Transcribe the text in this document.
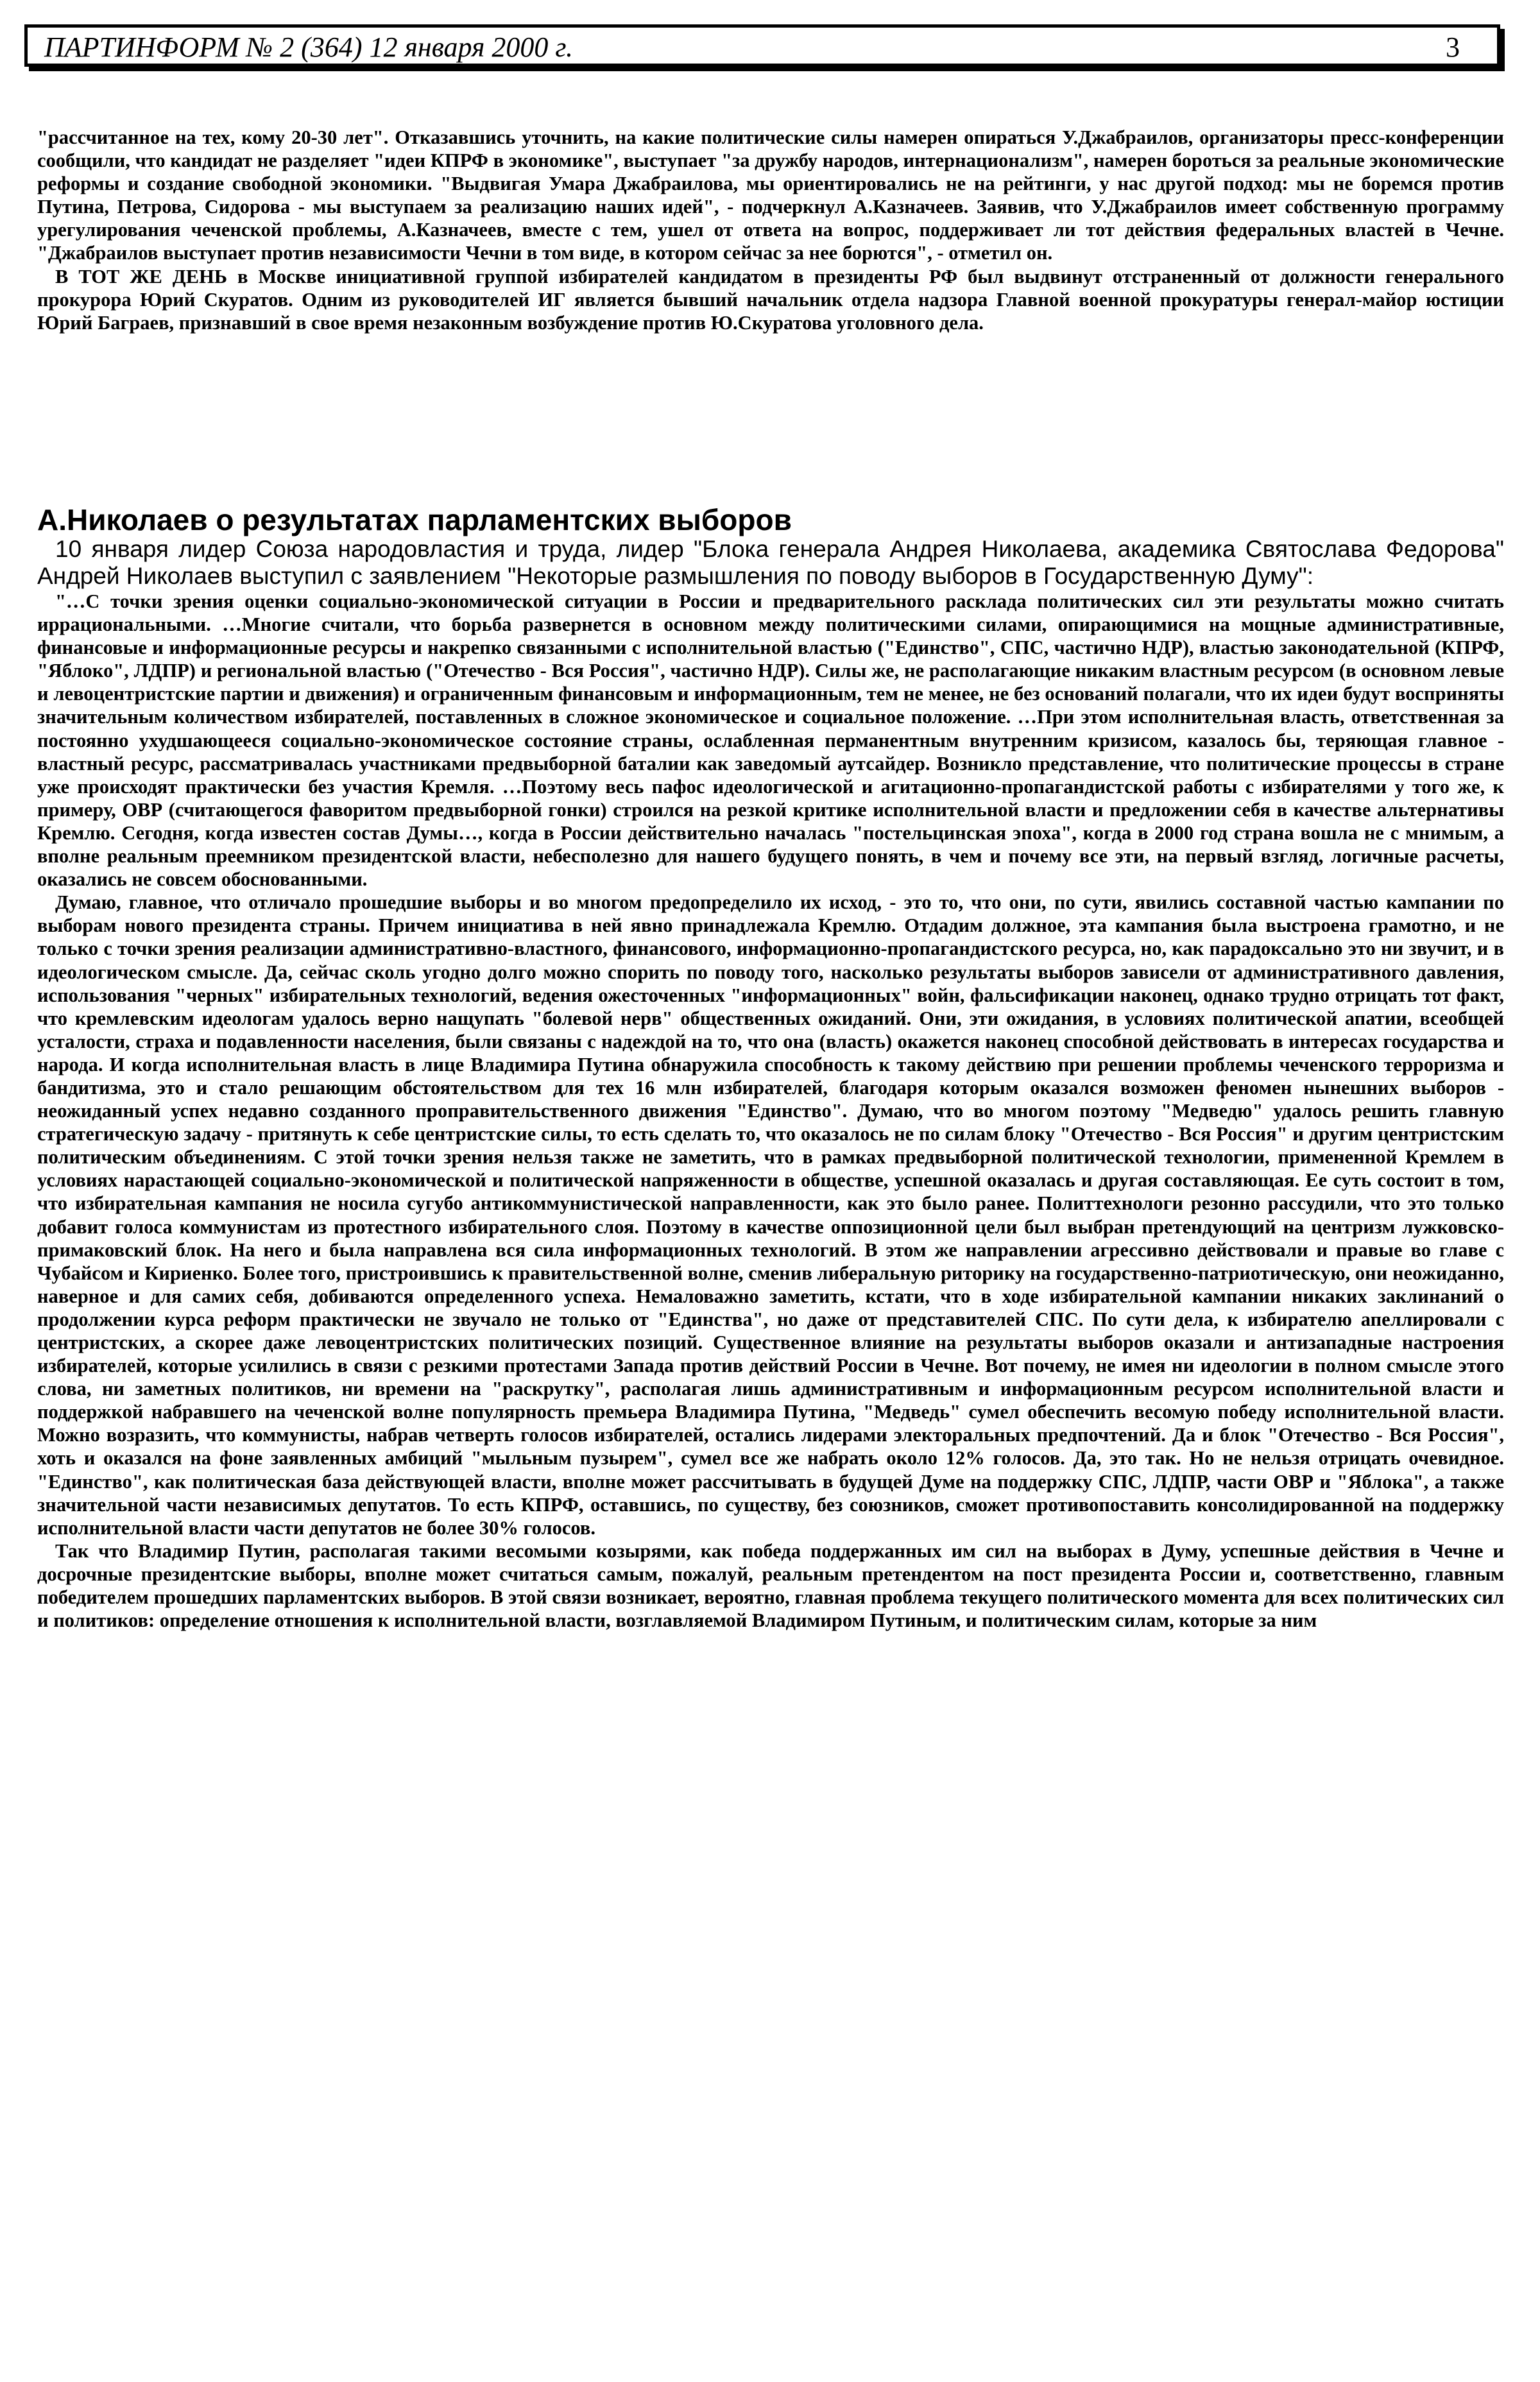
ПАРТИНФОРМ № 2 (364) 12 января 2000 г.	3

"рассчитанное на тех, кому 20-30 лет". Отказавшись уточнить, на какие политические силы намерен опираться У.Джабраилов, организаторы пресс-конференции сообщили, что кандидат не разделяет "идеи КПРФ в экономике", выступает "за дружбу народов, интернационализм", намерен бороться за реальные экономические реформы и создание свободной экономики. "Выдвигая Умара Джабраилова, мы ориентировались не на рейтинги, у нас другой подход: мы не боремся против Путина, Петрова, Сидорова - мы выступаем за реализацию наших идей", - подчеркнул А.Казначеев. Заявив, что У.Джабраилов имеет собственную программу урегулирования чеченской проблемы, А.Казначеев, вместе с тем, ушел от ответа на вопрос, поддерживает ли тот действия федеральных властей в Чечне. "Джабраилов выступает против независимости Чечни в том виде, в котором сейчас за нее борются", - отметил он.

В ТОТ ЖЕ ДЕНЬ в Москве инициативной группой избирателей кандидатом в президенты РФ был выдвинут отстраненный от должности генерального прокурора Юрий Скуратов. Одним из руководителей ИГ является бывший начальник отдела надзора Главной военной прокуратуры генерал-майор юстиции Юрий Баграев, признавший в свое время незаконным возбуждение против Ю.Скуратова уголовного дела.

А.Николаев о результатах парламентских выборов

10 января лидер Союза народовластия и труда, лидер "Блока генерала Андрея Николаева, академика Святослава Федорова" Андрей Николаев выступил с заявлением "Некоторые размышления по поводу выборов в Государственную Думу":

"…С точки зрения оценки социально-экономической ситуации в России и предварительного расклада политических сил эти результаты можно считать иррациональными. …Многие считали, что борьба развернется в основном между политическими силами, опирающимися на мощные административные, финансовые и информационные ресурсы и накрепко связанными с исполнительной властью ("Единство", СПС, частично НДР), властью законодательной (КПРФ, "Яблоко", ЛДПР) и региональной властью ("Отечество - Вся Россия", частично НДР). Силы же, не располагающие никаким властным ресурсом (в основном левые и левоцентристские партии и движения) и ограниченным финансовым и информационным, тем не менее, не без оснований полагали, что их идеи будут восприняты значительным количеством избирателей, поставленных в сложное экономическое и социальное положение. …При этом исполнительная власть, ответственная за постоянно ухудшающееся социально-экономическое состояние страны, ослабленная перманентным внутренним кризисом, казалось бы, теряющая главное - властный ресурс, рассматривалась участниками предвыборной баталии как заведомый аутсайдер. Возникло представление, что политические процессы в стране уже происходят практически без участия Кремля. …Поэтому весь пафос идеологической и агитационно-пропагандистской работы с избирателями у того же, к примеру, ОВР (считающегося фаворитом предвыборной гонки) строился на резкой критике исполнительной власти и предложении себя в качестве альтернативы Кремлю. Сегодня, когда известен состав Думы…, когда в России действительно началась "постельцинская эпоха", когда в 2000 год страна вошла не с мнимым, а вполне реальным преемником президентской власти, небесполезно для нашего будущего понять, в чем и почему все эти, на первый взгляд, логичные расчеты, оказались не совсем обоснованными.

Думаю, главное, что отличало прошедшие выборы и во многом предопределило их исход, - это то, что они, по сути, явились составной частью кампании по выборам нового президента страны. Причем инициатива в ней явно принадлежала Кремлю. Отдадим должное, эта кампания была выстроена грамотно, и не только с точки зрения реализации административно-властного, финансового, информационно-пропагандистского ресурса, но, как парадоксально это ни звучит, и в идеологическом смысле. Да, сейчас сколь угодно долго можно спорить по поводу того, насколько результаты выборов зависели от административного давления, использования "черных" избирательных технологий, ведения ожесточенных "информационных" войн, фальсификации наконец, однако трудно отрицать тот факт, что кремлевским идеологам удалось верно нащупать "болевой нерв" общественных ожиданий. Они, эти ожидания, в условиях политической апатии, всеобщей усталости, страха и подавленности населения, были связаны с надеждой на то, что она (власть) окажется наконец способной действовать в интересах государства и народа. И когда исполнительная власть в лице Владимира Путина обнаружила способность к такому действию при решении проблемы чеченского терроризма и бандитизма, это и стало решающим обстоятельством для тех 16 млн избирателей, благодаря которым оказался возможен феномен нынешних выборов - неожиданный успех недавно созданного проправительственного движения "Единство". Думаю, что во многом поэтому "Медведю" удалось решить главную стратегическую задачу - притянуть к себе центристские силы, то есть сделать то, что оказалось не по силам блоку "Отечество - Вся Россия" и другим центристским политическим объединениям. С этой точки зрения нельзя также не заметить, что в рамках предвыборной политической технологии, примененной Кремлем в условиях нарастающей социально-экономической и политической напряженности в обществе, успешной оказалась и другая составляющая. Ее суть состоит в том, что избирательная кампания не носила сугубо антикоммунистической направленности, как это было ранее. Политтехнологи резонно рассудили, что это только добавит голоса коммунистам из протестного избирательного слоя. Поэтому в качестве оппозиционной цели был выбран претендующий на центризм лужковско-примаковский блок. На него и была направлена вся сила информационных технологий. В этом же направлении агрессивно действовали и правые во главе с Чубайсом и Кириенко. Более того, пристроившись к правительственной волне, сменив либеральную риторику на государственно-патриотическую, они неожиданно, наверное и для самих себя, добиваются определенного успеха. Немаловажно заметить, кстати, что в ходе избирательной кампании никаких заклинаний о продолжении курса реформ практически не звучало не только от "Единства", но даже от представителей СПС. По сути дела, к избирателю апеллировали с центристских, а скорее даже левоцентристских политических позиций. Существенное влияние на результаты выборов оказали и антизападные настроения избирателей, которые усилились в связи с резкими протестами Запада против действий России в Чечне. Вот почему, не имея ни идеологии в полном смысле этого слова, ни заметных политиков, ни времени на "раскрутку", располагая лишь административным и информационным ресурсом исполнительной власти и поддержкой набравшего на чеченской волне популярность премьера Владимира Путина, "Медведь" сумел обеспечить весомую победу исполнительной власти. Можно возразить, что коммунисты, набрав четверть голосов избирателей, остались лидерами электоральных предпочтений. Да и блок "Отечество - Вся Россия", хоть и оказался на фоне заявленных амбиций "мыльным пузырем", сумел все же набрать около 12% голосов. Да, это так. Но не нельзя отрицать очевидное. "Единство", как политическая база действующей власти, вполне может рассчитывать в будущей Думе на поддержку СПС, ЛДПР, части ОВР и "Яблока", а также значительной части независимых депутатов. То есть КПРФ, оставшись, по существу, без союзников, сможет противопоставить консолидированной на поддержку исполнительной власти части депутатов не более 30% голосов.

Так что Владимир Путин, располагая такими весомыми козырями, как победа поддержанных им сил на выборах в Думу, успешные действия в Чечне и досрочные президентские выборы, вполне может считаться самым, пожалуй, реальным претендентом на пост президента России и, соответственно, главным победителем прошедших парламентских выборов. В этой связи возникает, вероятно, главная проблема текущего политического момента для всех политических сил и политиков: определение отношения к исполнительной власти, возглавляемой Владимиром Путиным, и политическим силам, которые за ним
